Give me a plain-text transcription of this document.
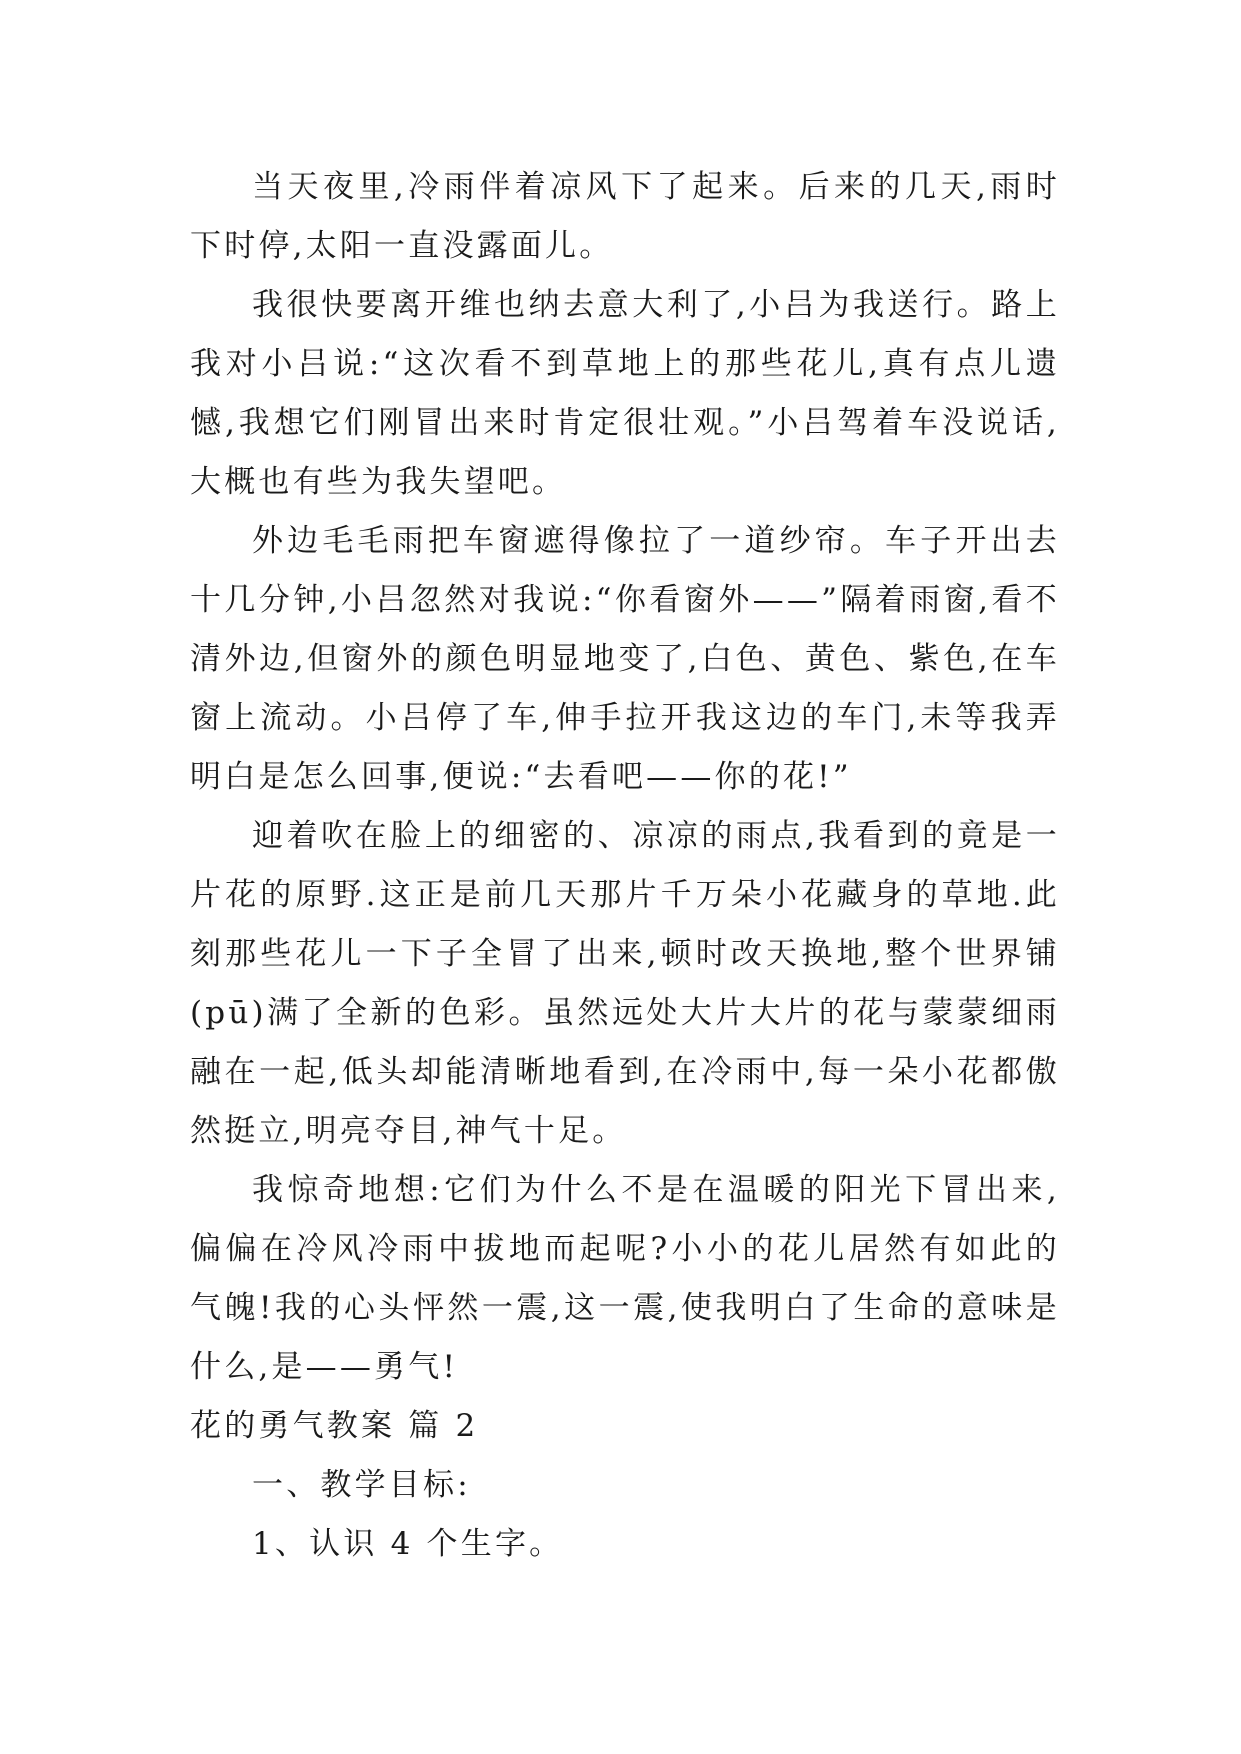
当天夜里,冷雨伴着凉风下了起来。后来的几天,雨时下时停,太阳一直没露面儿。

我很快要离开维也纳去意大利了,小吕为我送行。路上我对小吕说:“这次看不到草地上的那些花儿,真有点儿遗憾,我想它们刚冒出来时肯定很壮观。”小吕驾着车没说话,大概也有些为我失望吧。

外边毛毛雨把车窗遮得像拉了一道纱帘。车子开出去十几分钟,小吕忽然对我说:“你看窗外——”隔着雨窗,看不清外边,但窗外的颜色明显地变了,白色、黄色、紫色,在车窗上流动。小吕停了车,伸手拉开我这边的车门,未等我弄明白是怎么回事,便说:“去看吧——你的花!”

迎着吹在脸上的细密的、凉凉的雨点,我看到的竟是一片花的原野.这正是前几天那片千万朵小花藏身的草地.此刻那些花儿一下子全冒了出来,顿时改天换地,整个世界铺(pū)满了全新的色彩。虽然远处大片大片的花与蒙蒙细雨融在一起,低头却能清晰地看到,在冷雨中,每一朵小花都傲然挺立,明亮夺目,神气十足。

我惊奇地想:它们为什么不是在温暖的阳光下冒出来,偏偏在冷风冷雨中拔地而起呢?小小的花儿居然有如此的气魄!我的心头怦然一震,这一震,使我明白了生命的意味是什么,是——勇气!

花的勇气教案 篇 2

一、教学目标:

1、认识 4 个生字。
